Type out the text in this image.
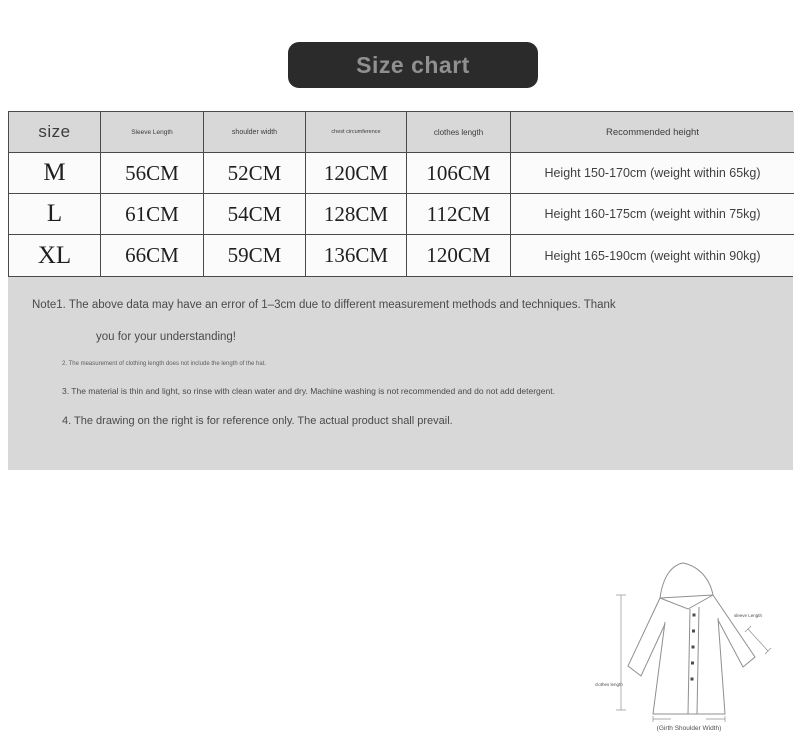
Size chart
size	Sleeve Length	shoulder width	chest circumference	clothes length	Recommended height
M	56CM	52CM	120CM	106CM	Height 150-170cm (weight within 65kg)
L	61CM	54CM	128CM	112CM	Height 160-175cm (weight within 75kg)
XL	66CM	59CM	136CM	120CM	Height 165-190cm (weight within 90kg)
Note1. The above data may have an error of 1–3cm due to different measurement methods and techniques. Thank
you for your understanding!
2. The measurement of clothing length does not include the length of the hat.
3. The material is thin and light, so rinse with clean water and dry. Machine washing is not recommended and do not add detergent.
4. The drawing on the right is for reference only. The actual product shall prevail.
clothes length
sleeve Length
(Girth Shoulder Width)
